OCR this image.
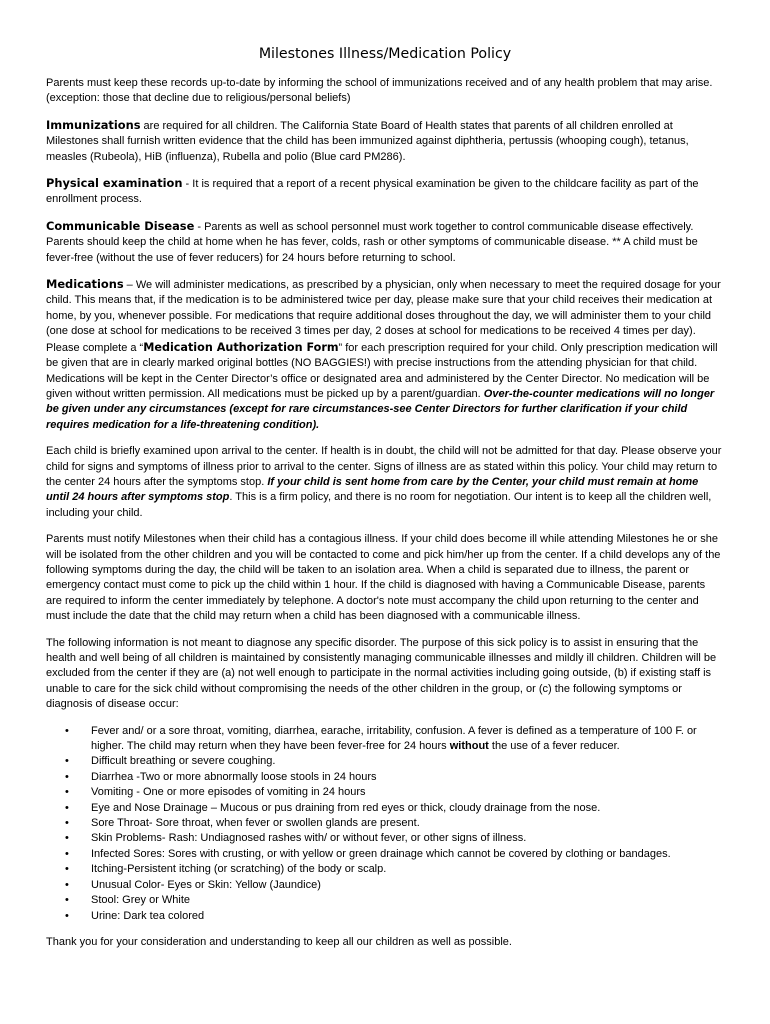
Milestones Illness/Medication Policy

Parents must keep these records up-to-date by informing the school of immunizations received and of any health problem that may arise. (exception: those that decline due to religious/personal beliefs)

Immunizations are required for all children. The California State Board of Health states that parents of all children enrolled at Milestones shall furnish written evidence that the child has been immunized against diphtheria, pertussis (whooping cough), tetanus, measles (Rubeola), HiB (influenza), Rubella and polio (Blue card PM286).

Physical examination - It is required that a report of a recent physical examination be given to the childcare facility as part of the enrollment process.

Communicable Disease - Parents as well as school personnel must work together to control communicable disease effectively. Parents should keep the child at home when he has fever, colds, rash or other symptoms of communicable disease. ** A child must be fever-free (without the use of fever reducers) for 24 hours before returning to school.

Medications – We will administer medications, as prescribed by a physician, only when necessary to meet the required dosage for your child. This means that, if the medication is to be administered twice per day, please make sure that your child receives their medication at home, by you, whenever possible. For medications that require additional doses throughout the day, we will administer them to your child (one dose at school for medications to be received 3 times per day, 2 doses at school for medications to be received 4 times per day). Please complete a “Medication Authorization Form” for each prescription required for your child. Only prescription medication will be given that are in clearly marked original bottles (NO BAGGIES!) with precise instructions from the attending physician for that child. Medications will be kept in the Center Director’s office or designated area and administered by the Center Director. No medication will be given without written permission. All medications must be picked up by a parent/guardian. Over-the-counter medications will no longer be given under any circumstances (except for rare circumstances-see Center Directors for further clarification if your child requires medication for a life-threatening condition).

Each child is briefly examined upon arrival to the center. If health is in doubt, the child will not be admitted for that day. Please observe your child for signs and symptoms of illness prior to arrival to the center. Signs of illness are as stated within this policy. Your child may return to the center 24 hours after the symptoms stop. If your child is sent home from care by the Center, your child must remain at home until 24 hours after symptoms stop. This is a firm policy, and there is no room for negotiation. Our intent is to keep all the children well, including your child.

Parents must notify Milestones when their child has a contagious illness. If your child does become ill while attending Milestones he or she will be isolated from the other children and you will be contacted to come and pick him/her up from the center. If a child develops any of the following symptoms during the day, the child will be taken to an isolation area. When a child is separated due to illness, the parent or emergency contact must come to pick up the child within 1 hour. If the child is diagnosed with having a Communicable Disease, parents are required to inform the center immediately by telephone. A doctor's note must accompany the child upon returning to the center and must include the date that the child may return when a child has been diagnosed with a communicable illness.

The following information is not meant to diagnose any specific disorder. The purpose of this sick policy is to assist in ensuring that the health and well being of all children is maintained by consistently managing communicable illnesses and mildly ill children. Children will be excluded from the center if they are (a) not well enough to participate in the normal activities including going outside, (b) if existing staff is unable to care for the sick child without compromising the needs of the other children in the group, or (c) the following symptoms or diagnosis of disease occur:

• Fever and/ or a sore throat, vomiting, diarrhea, earache, irritability, confusion. A fever is defined as a temperature of 100 F. or higher. The child may return when they have been fever-free for 24 hours without the use of a fever reducer.
• Difficult breathing or severe coughing.
• Diarrhea -Two or more abnormally loose stools in 24 hours
• Vomiting - One or more episodes of vomiting in 24 hours
• Eye and Nose Drainage – Mucous or pus draining from red eyes or thick, cloudy drainage from the nose.
• Sore Throat- Sore throat, when fever or swollen glands are present.
• Skin Problems- Rash: Undiagnosed rashes with/ or without fever, or other signs of illness.
• Infected Sores: Sores with crusting, or with yellow or green drainage which cannot be covered by clothing or bandages.
• Itching-Persistent itching (or scratching) of the body or scalp.
• Unusual Color- Eyes or Skin: Yellow (Jaundice)
• Stool: Grey or White
• Urine: Dark tea colored

Thank you for your consideration and understanding to keep all our children as well as possible.
